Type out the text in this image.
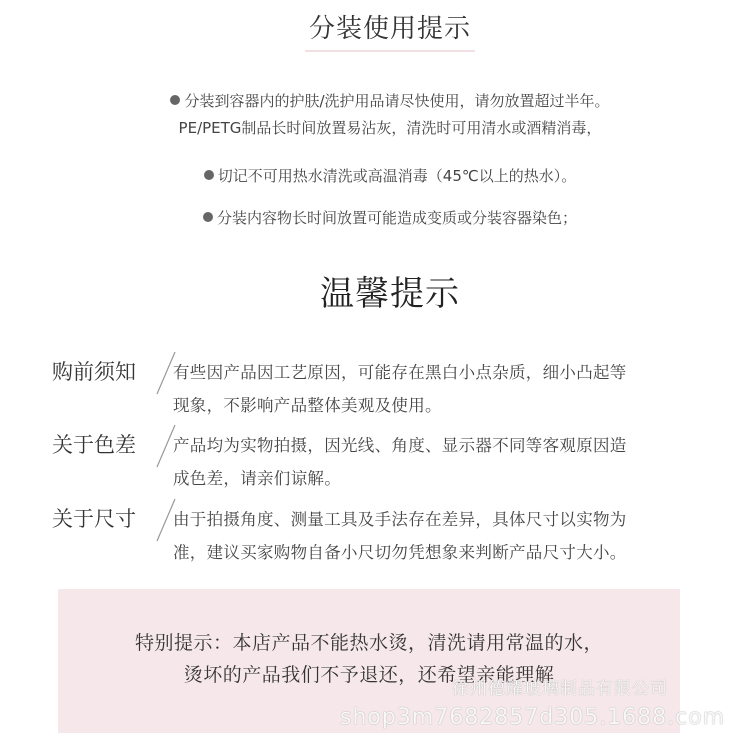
分装使用提示
分装到容器内的护肤/洗护用品请尽快使用，请勿放置超过半年。
PE/PETG制品长时间放置易沾灰，清洗时可用清水或酒精消毒，
切记不可用热水清洗或高温消毒（45℃以上的热水）。
分装内容物长时间放置可能造成变质或分装容器染色；
温馨提示
购前须知 有些因产品因工艺原因，可能存在黑白小点杂质，细小凸起等
现象，不影响产品整体美观及使用。
关于色差 产品均为实物拍摄，因光线、角度、显示器不同等客观原因造
成色差，请亲们谅解。
关于尺寸 由于拍摄角度、测量工具及手法存在差异，具体尺寸以实物为
准，建议买家购物自备小尺切勿凭想象来判断产品尺寸大小。
特别提示：本店产品不能热水烫，清洗请用常温的水，
烫坏的产品我们不予退还，还希望亲能理解
徐州德耀玻璃制品有限公司
shop3m7682857d305.1688.com
